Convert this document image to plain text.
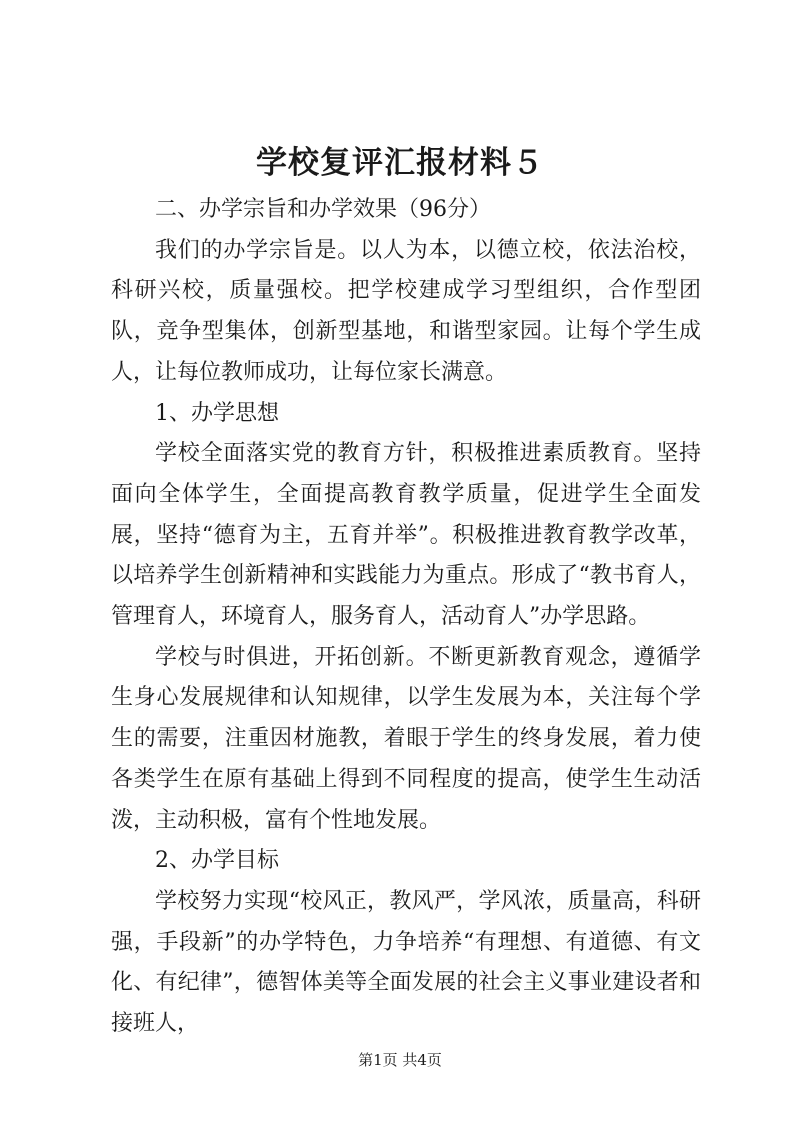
学校复评汇报材料５

二、办学宗旨和办学效果（96分）

我们的办学宗旨是。以人为本，以德立校，依法治校，科研兴校，质量强校。把学校建成学习型组织，合作型团队，竞争型集体，创新型基地，和谐型家园。让每个学生成人，让每位教师成功，让每位家长满意。

1、办学思想

学校全面落实党的教育方针，积极推进素质教育。坚持面向全体学生，全面提高教育教学质量，促进学生全面发展，坚持“德育为主，五育并举”。积极推进教育教学改革，以培养学生创新精神和实践能力为重点。形成了“教书育人，管理育人，环境育人，服务育人，活动育人”办学思路。

学校与时俱进，开拓创新。不断更新教育观念，遵循学生身心发展规律和认知规律，以学生发展为本，关注每个学生的需要，注重因材施教，着眼于学生的终身发展，着力使各类学生在原有基础上得到不同程度的提高，使学生生动活泼，主动积极，富有个性地发展。

2、办学目标

学校努力实现“校风正，教风严，学风浓，质量高，科研强，手段新”的办学特色，力争培养“有理想、有道德、有文化、有纪律”，德智体美等全面发展的社会主义事业建设者和接班人，

第1页 共4页
